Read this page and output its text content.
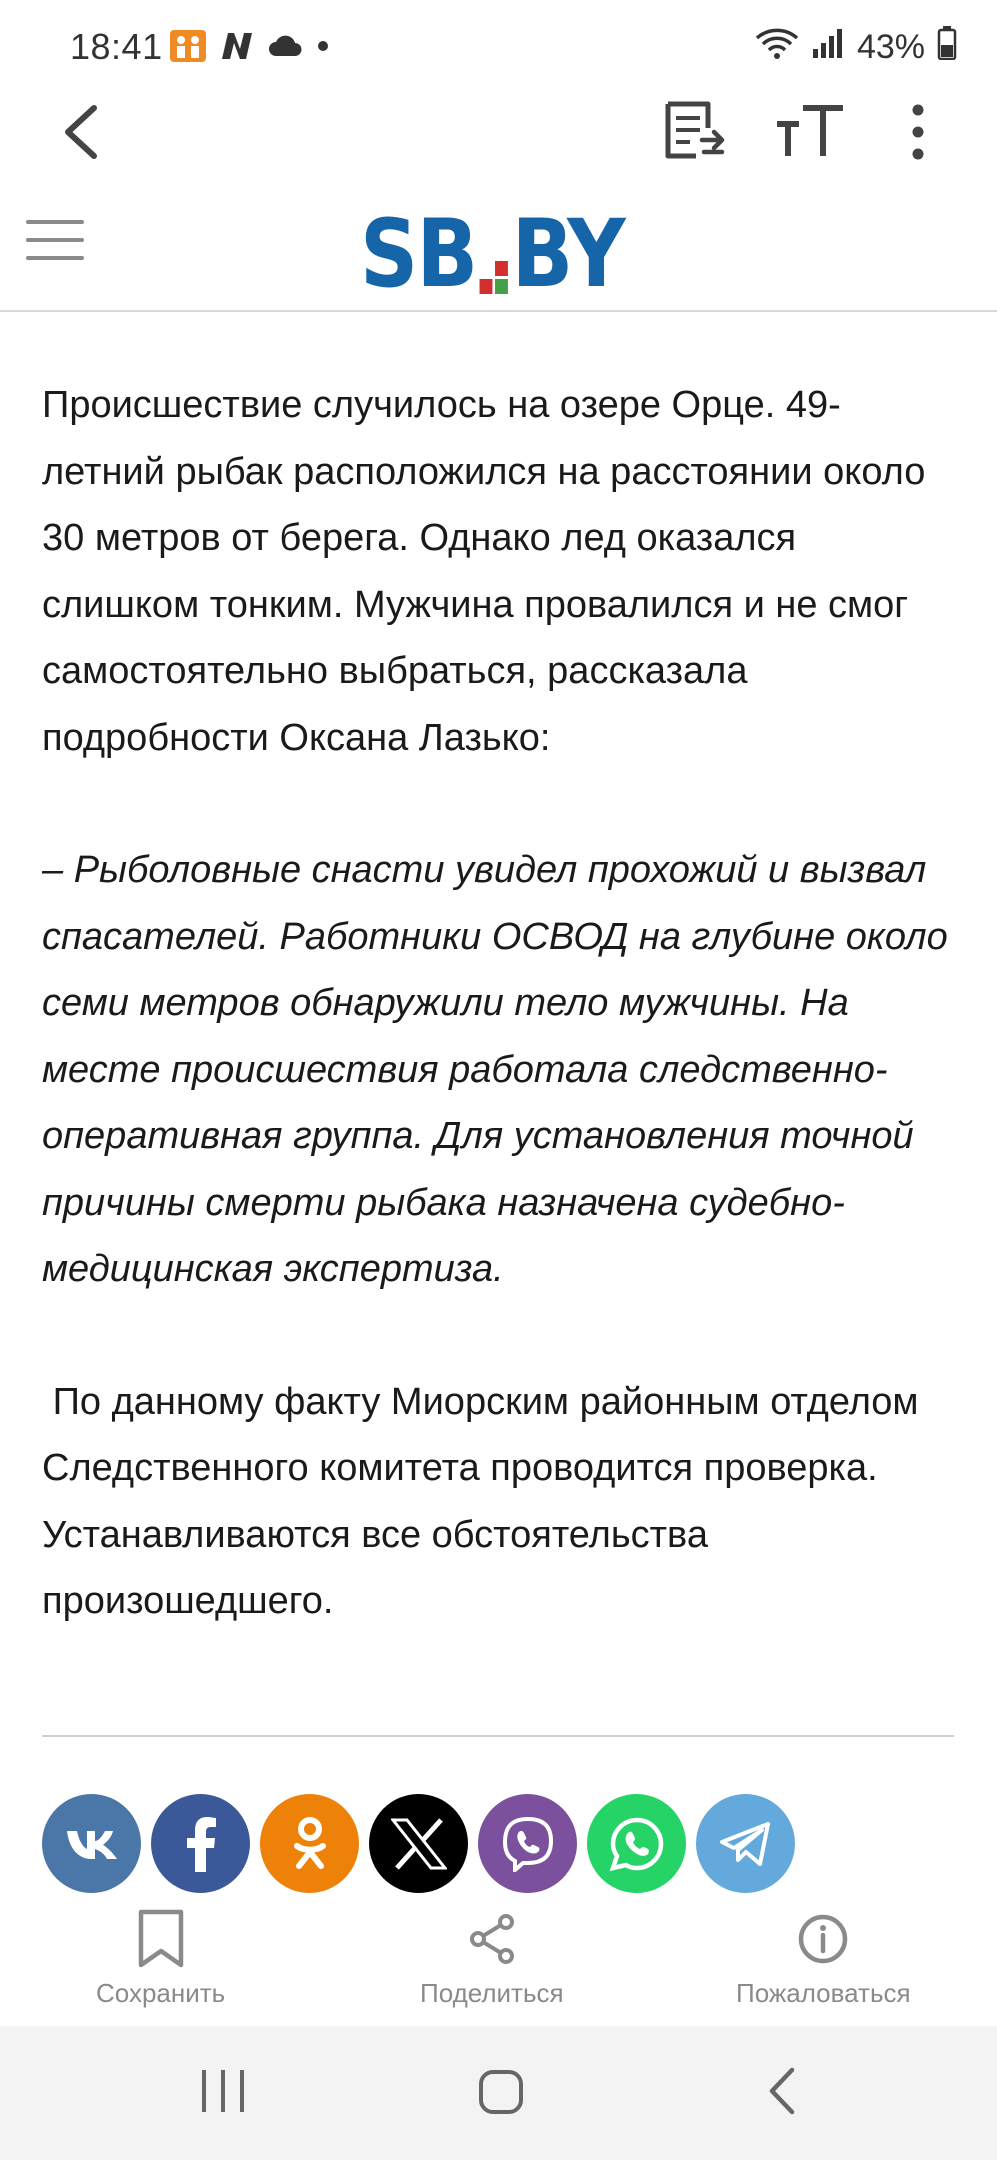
18:41	43%
SB BY

Происшествие случилось на озере Орце. 49-летний рыбак расположился на расстоянии около 30 метров от берега. Однако лед оказался слишком тонким. Мужчина провалился и не смог самостоятельно выбраться, рассказала подробности Оксана Лазько:

– Рыболовные снасти увидел прохожий и вызвал спасателей. Работники ОСВОД на глубине около семи метров обнаружили тело мужчины. На месте происшествия работала следственно-оперативная группа. Для установления точной причины смерти рыбака назначена судебно-медицинская экспертиза.

По данному факту Миорским районным отделом Следственного комитета проводится проверка. Устанавливаются все обстоятельства произошедшего.

Сохранить	Поделиться	Пожаловаться
